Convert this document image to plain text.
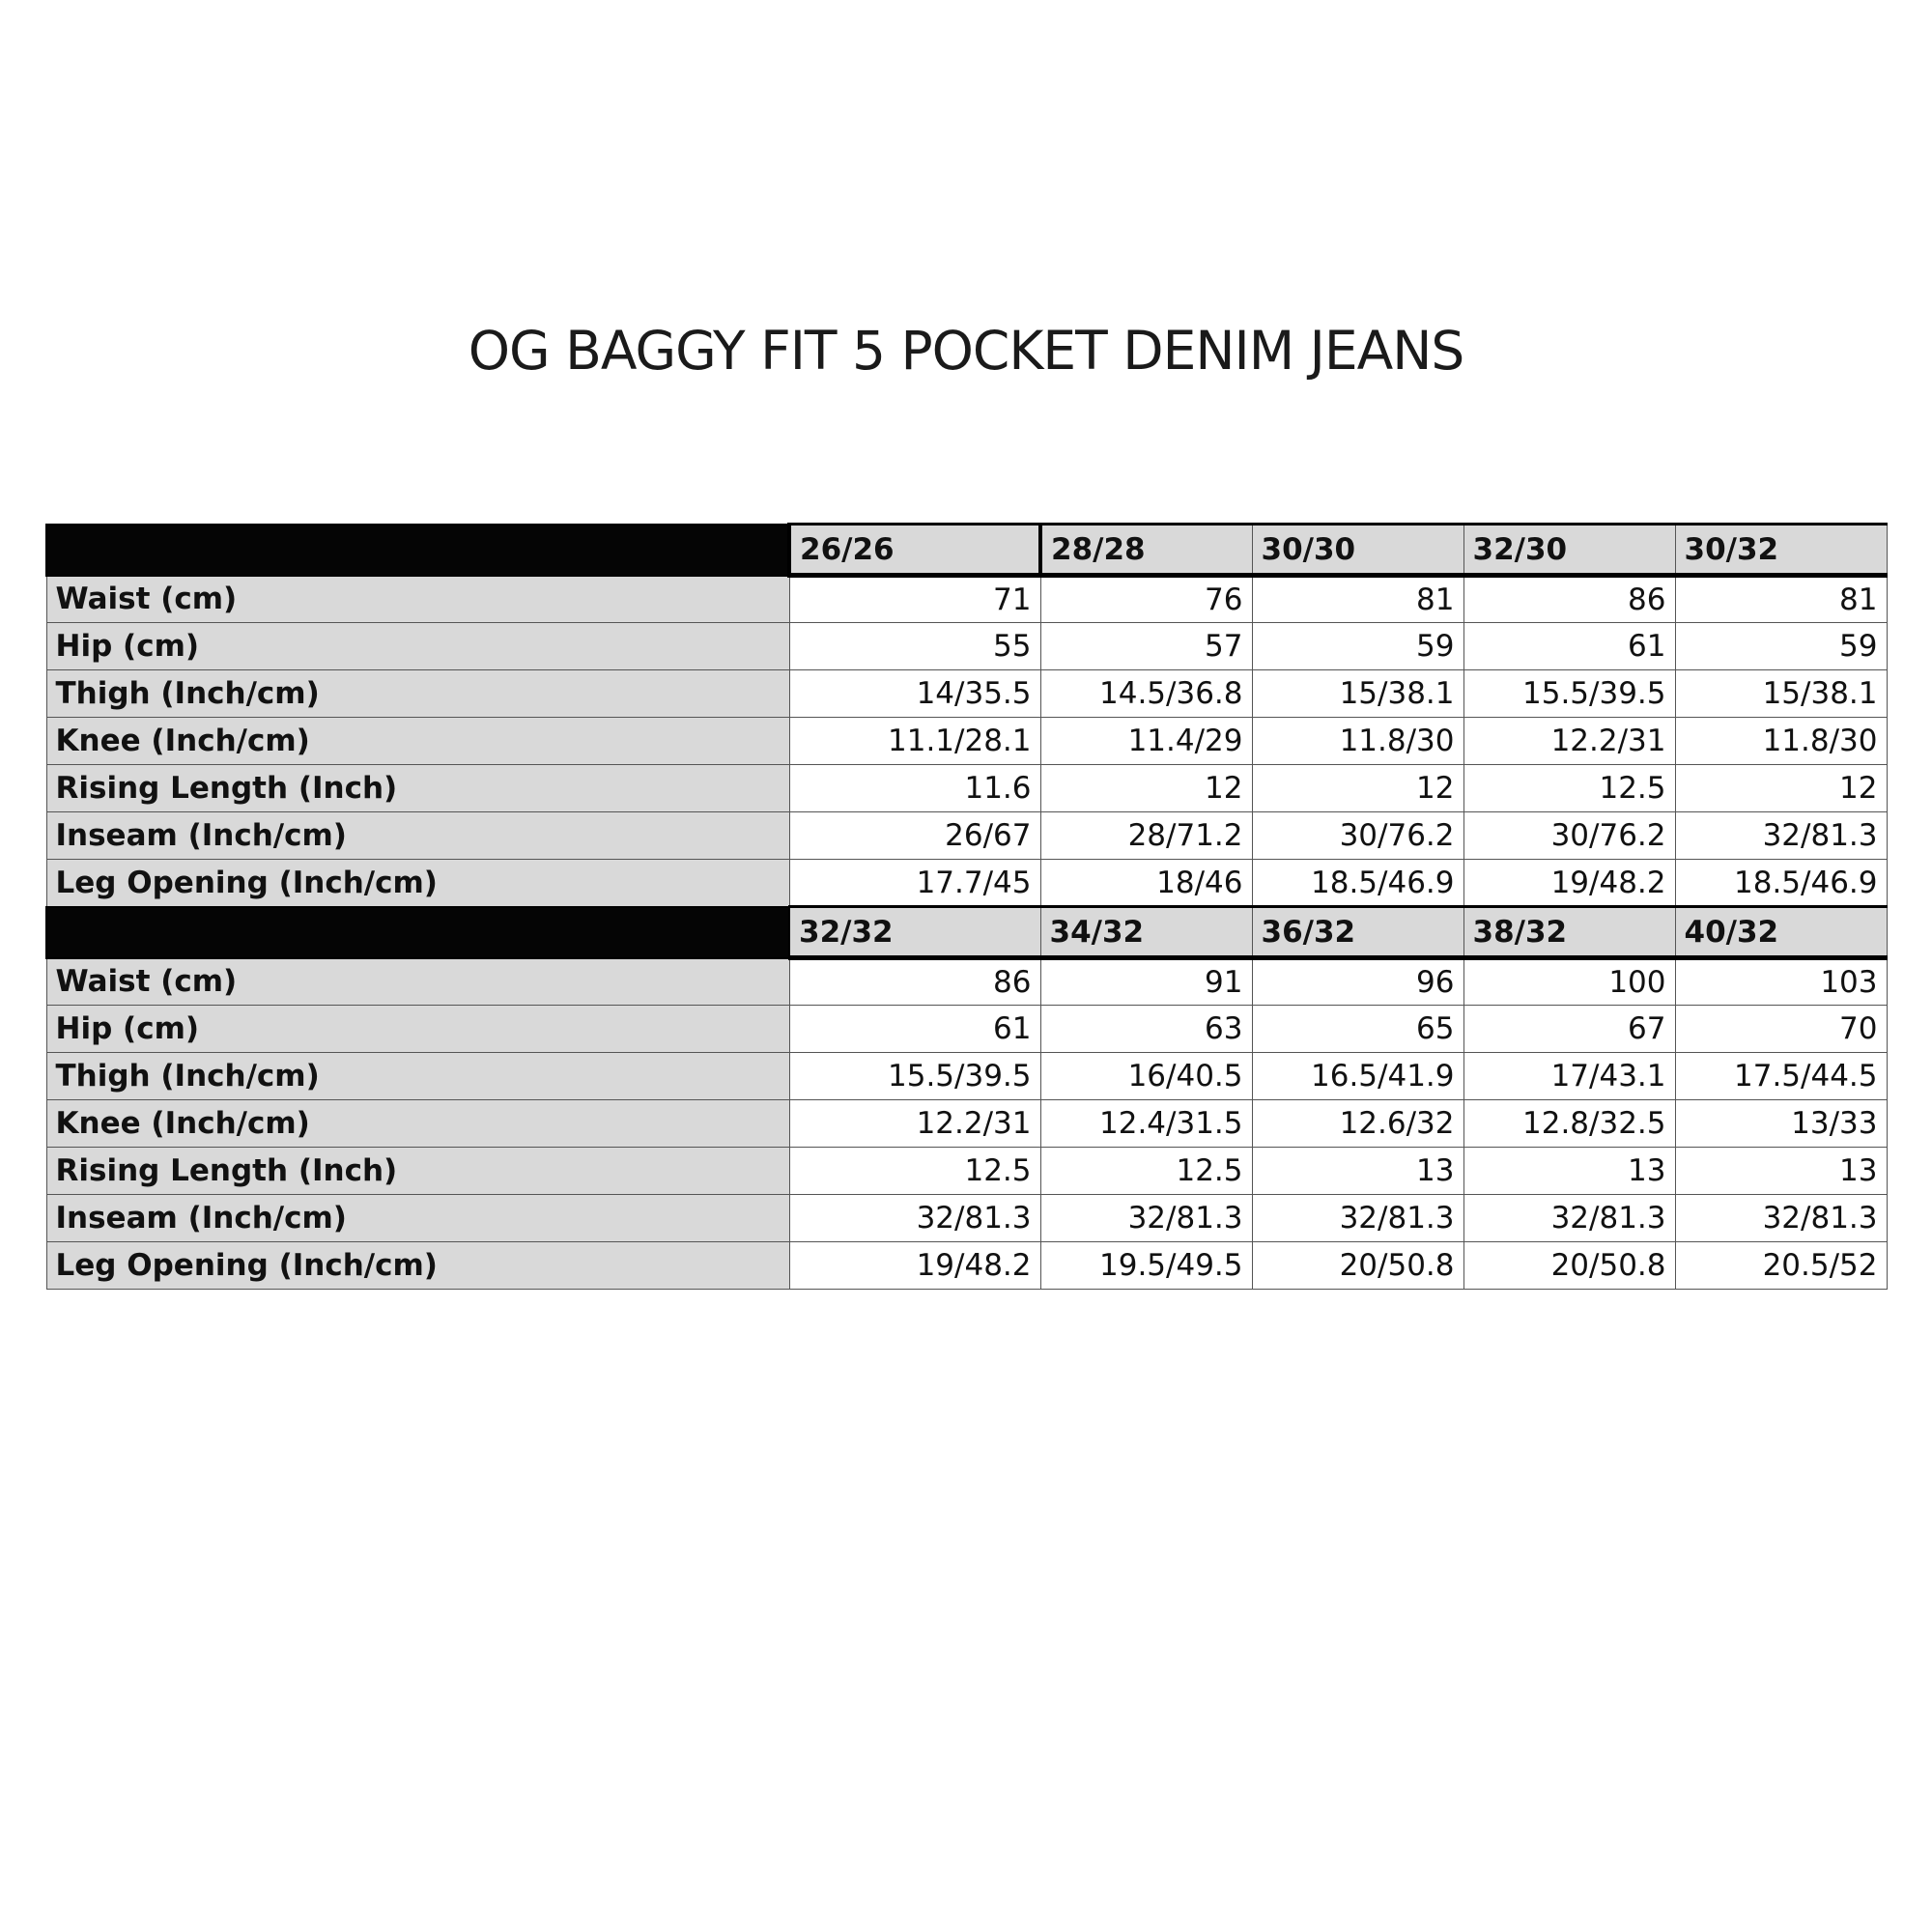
OG BAGGY FIT 5 POCKET DENIM JEANS
	26/26	28/28	30/30	32/30	30/32
Waist (cm)	71	76	81	86	81
Hip (cm)	55	57	59	61	59
Thigh (Inch/cm)	14/35.5	14.5/36.8	15/38.1	15.5/39.5	15/38.1
Knee (Inch/cm)	11.1/28.1	11.4/29	11.8/30	12.2/31	11.8/30
Rising Length (Inch)	11.6	12	12	12.5	12
Inseam (Inch/cm)	26/67	28/71.2	30/76.2	30/76.2	32/81.3
Leg Opening (Inch/cm)	17.7/45	18/46	18.5/46.9	19/48.2	18.5/46.9
	32/32	34/32	36/32	38/32	40/32
Waist (cm)	86	91	96	100	103
Hip (cm)	61	63	65	67	70
Thigh (Inch/cm)	15.5/39.5	16/40.5	16.5/41.9	17/43.1	17.5/44.5
Knee (Inch/cm)	12.2/31	12.4/31.5	12.6/32	12.8/32.5	13/33
Rising Length (Inch)	12.5	12.5	13	13	13
Inseam (Inch/cm)	32/81.3	32/81.3	32/81.3	32/81.3	32/81.3
Leg Opening (Inch/cm)	19/48.2	19.5/49.5	20/50.8	20/50.8	20.5/52
